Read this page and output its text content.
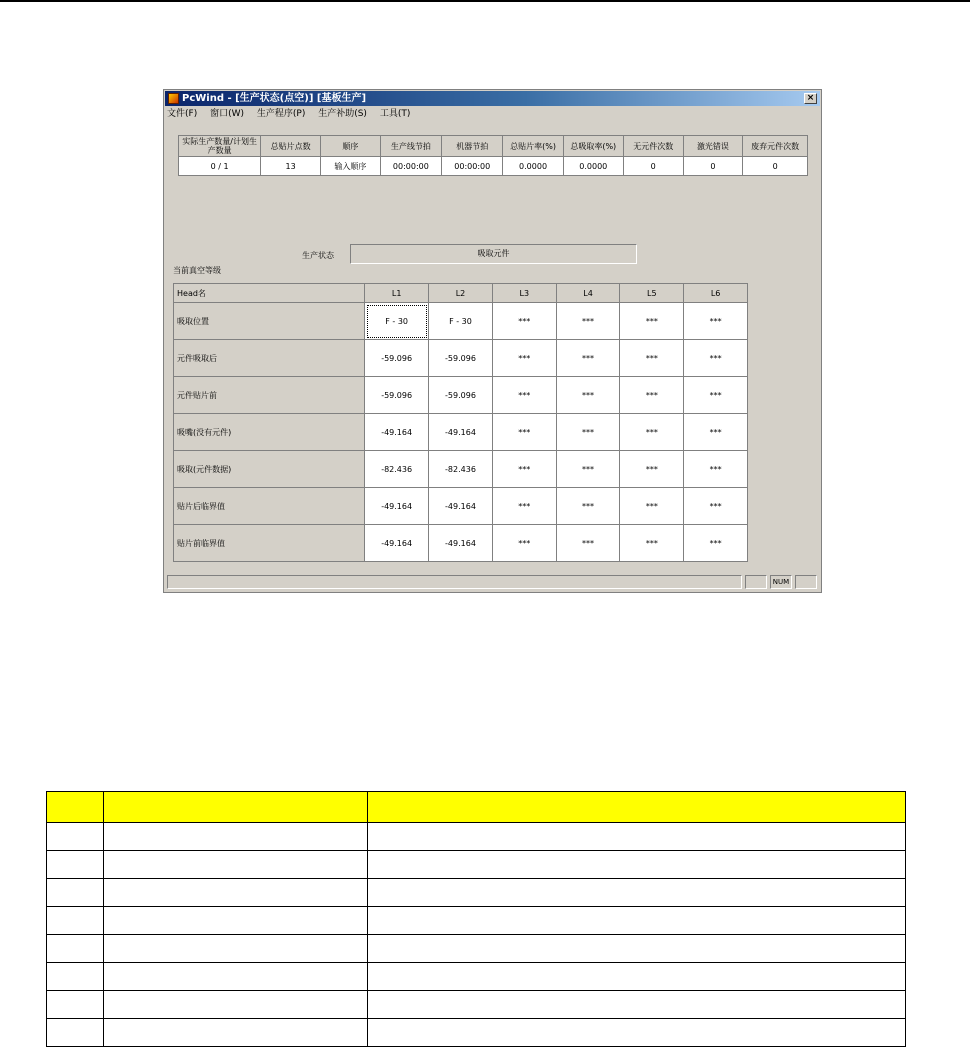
PcWind - [生产状态(点空)] [基板生产]	×
文件(F) 窗口(W) 生产程序(P) 生产补助(S) 工具(T)
实际生产数量/计划生产数量	总贴片点数	顺序	生产线节拍	机器节拍	总贴片率(%)	总吸取率(%)	无元件次数	激光错误	废弃元件次数
0 / 1	13	输入顺序	00:00:00	00:00:00	0.0000	0.0000	0	0	0
生产状态	吸取元件
当前真空等级
Head名	L1	L2	L3	L4	L5	L6
吸取位置	F - 30	F - 30	***	***	***	***
元件吸取后	-59.096	-59.096	***	***	***	***
元件贴片前	-59.096	-59.096	***	***	***	***
吸嘴(没有元件)	-49.164	-49.164	***	***	***	***
吸取(元件数据)	-82.436	-82.436	***	***	***	***
贴片后临界值	-49.164	-49.164	***	***	***	***
贴片前临界值	-49.164	-49.164	***	***	***	***
NUM
